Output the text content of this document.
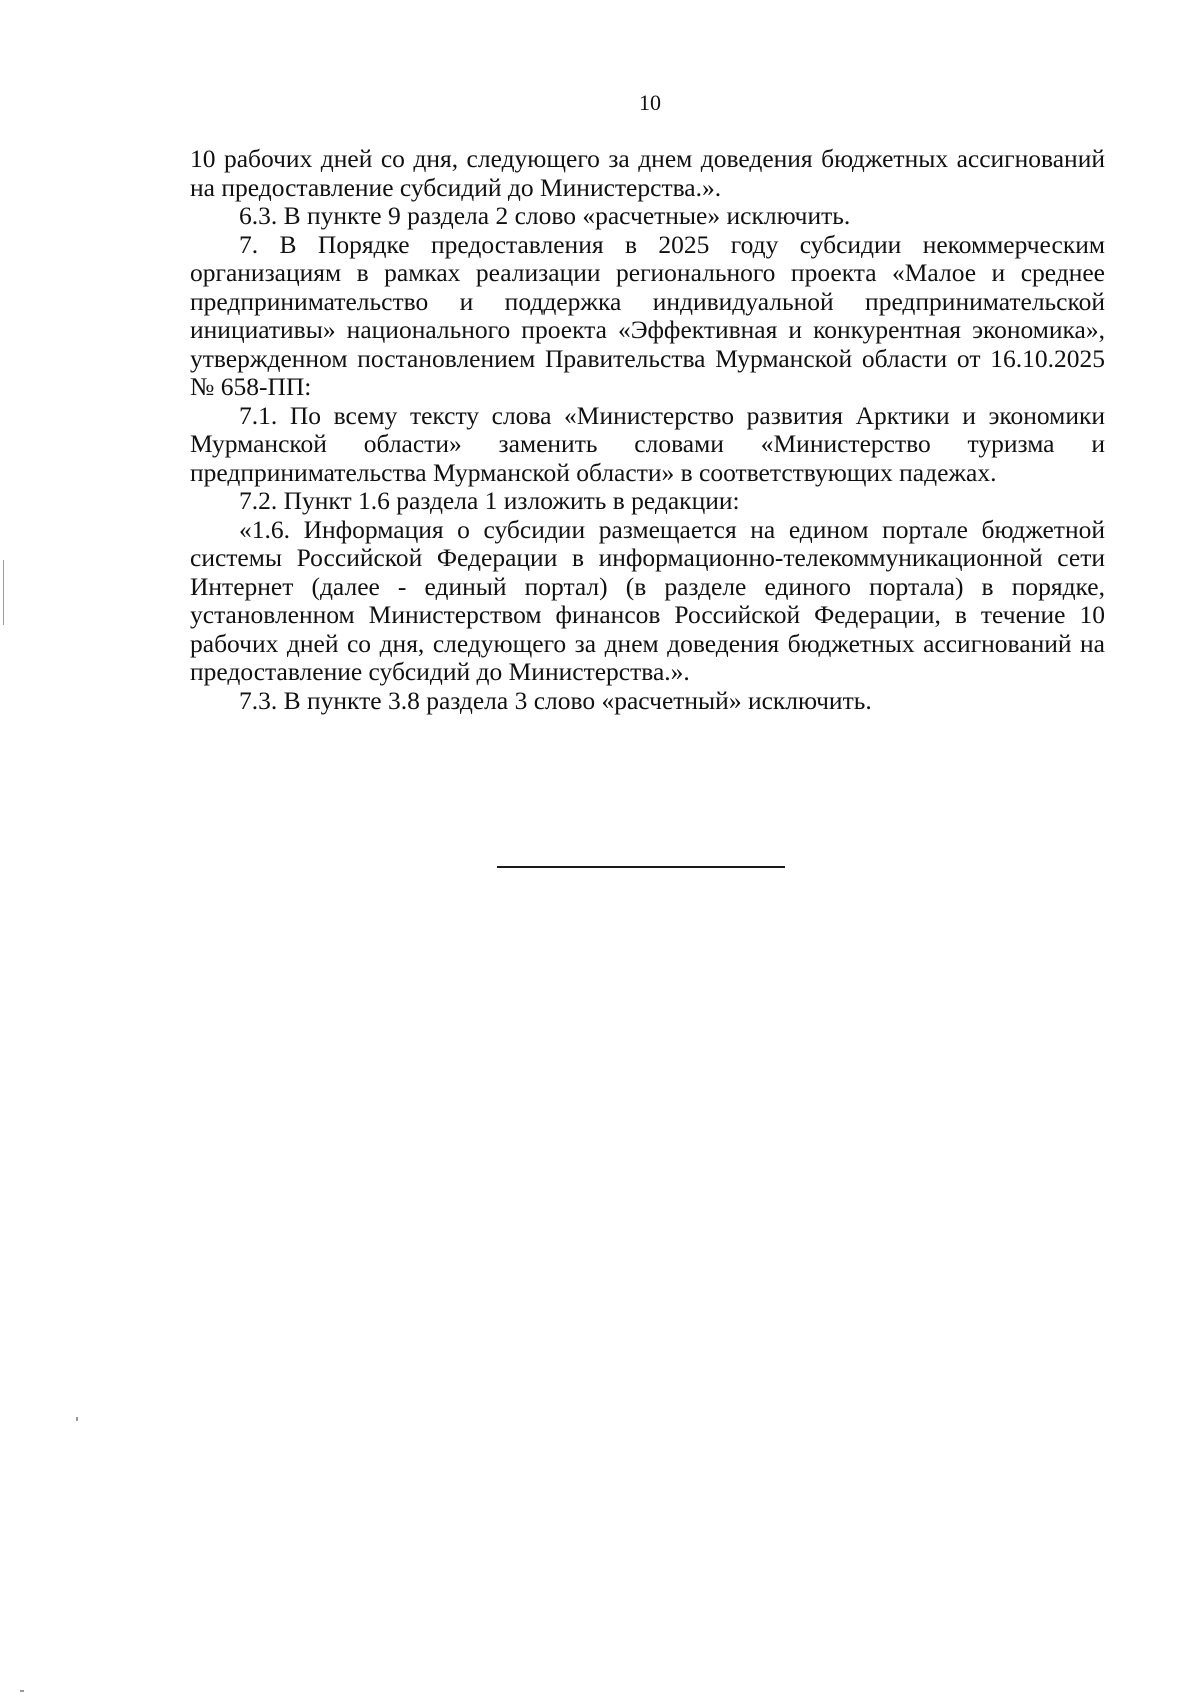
10

10 рабочих дней со дня, следующего за днем доведения бюджетных ассигнований на предоставление субсидий до Министерства.».

6.3. В пункте 9 раздела 2 слово «расчетные» исключить.

7. В Порядке предоставления в 2025 году субсидии некоммерческим организациям в рамках реализации регионального проекта «Малое и среднее предпринимательство и поддержка индивидуальной предпринимательской инициативы» национального проекта «Эффективная и конкурентная экономика», утвержденном постановлением Правительства Мурманской области от 16.10.2025 № 658-ПП:

7.1. По всему тексту слова «Министерство развития Арктики и экономики Мурманской области» заменить словами «Министерство туризма и предпринимательства Мурманской области» в соответствующих падежах.

7.2. Пункт 1.6 раздела 1 изложить в редакции:

«1.6. Информация о субсидии размещается на едином портале бюджетной системы Российской Федерации в информационно-телекоммуникационной сети Интернет (далее - единый портал) (в разделе единого портала) в порядке, установленном Министерством финансов Российской Федерации, в течение 10 рабочих дней со дня, следующего за днем доведения бюджетных ассигнований на предоставление субсидий до Министерства.».

7.3. В пункте 3.8 раздела 3 слово «расчетный» исключить.
